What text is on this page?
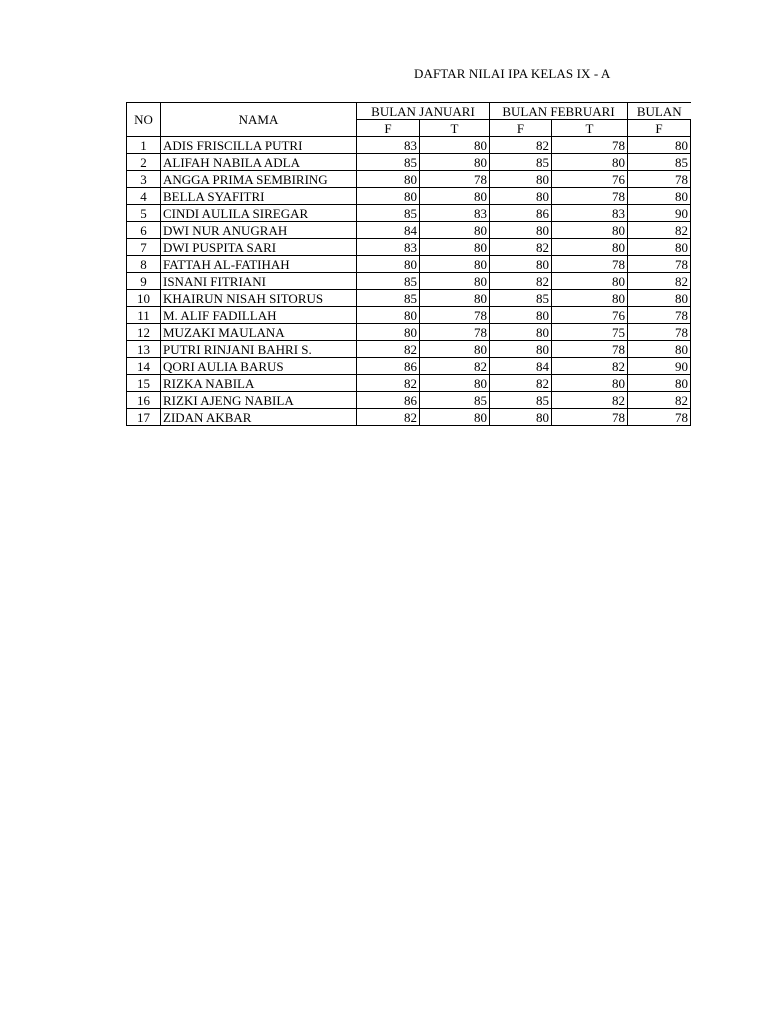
DAFTAR NILAI IPA KELAS IX - A
NO	NAMA	BULAN JANUARI		BULAN FEBRUARI		BULAN
		F	T	F	T	F
1	ADIS FRISCILLA PUTRI	83	80	82	78	80
2	ALIFAH NABILA ADLA	85	80	85	80	85
3	ANGGA PRIMA SEMBIRING	80	78	80	76	78
4	BELLA SYAFITRI	80	80	80	78	80
5	CINDI AULILA SIREGAR	85	83	86	83	90
6	DWI NUR ANUGRAH	84	80	80	80	82
7	DWI PUSPITA SARI	83	80	82	80	80
8	FATTAH AL-FATIHAH	80	80	80	78	78
9	ISNANI FITRIANI	85	80	82	80	82
10	KHAIRUN NISAH SITORUS	85	80	85	80	80
11	M. ALIF FADILLAH	80	78	80	76	78
12	MUZAKI MAULANA	80	78	80	75	78
13	PUTRI RINJANI BAHRI S.	82	80	80	78	80
14	QORI AULIA BARUS	86	82	84	82	90
15	RIZKA NABILA	82	80	82	80	80
16	RIZKI AJENG NABILA	86	85	85	82	82
17	ZIDAN AKBAR	82	80	80	78	78
